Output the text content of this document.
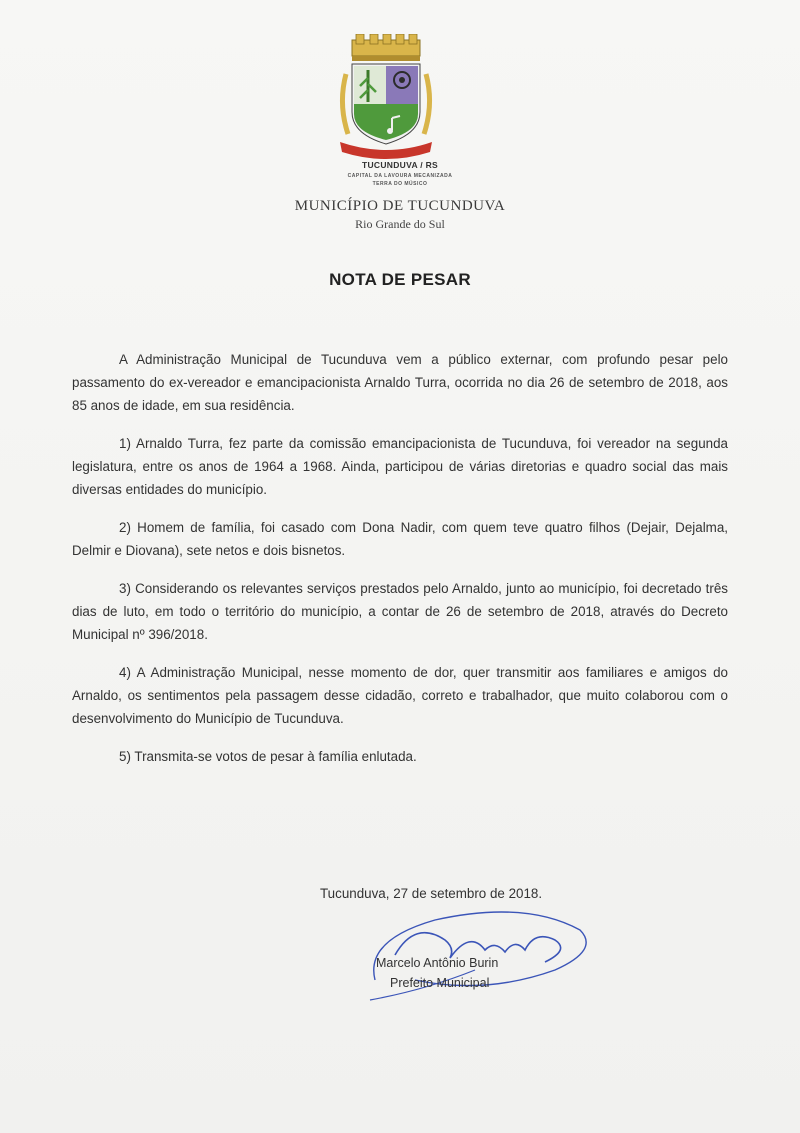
TUCUNDUVA / RS
CAPITAL DA LAVOURA MECANIZADA
TERRA DO MÚSICO
MUNICÍPIO DE TUCUNDUVA
Rio Grande do Sul
NOTA DE PESAR

A Administração Municipal de Tucunduva vem a público externar, com profundo pesar pelo passamento do ex-vereador e emancipacionista Arnaldo Turra, ocorrida no dia 26 de setembro de 2018, aos 85 anos de idade, em sua residência.

1) Arnaldo Turra, fez parte da comissão emancipacionista de Tucunduva, foi vereador na segunda legislatura, entre os anos de 1964 a 1968. Ainda, participou de várias diretorias e quadro social das mais diversas entidades do município.

2) Homem de família, foi casado com Dona Nadir, com quem teve quatro filhos (Dejair, Dejalma, Delmir e Diovana), sete netos e dois bisnetos.

3) Considerando os relevantes serviços prestados pelo Arnaldo, junto ao município, foi decretado três dias de luto, em todo o território do município, a contar de 26 de setembro de 2018, através do Decreto Municipal nº 396/2018.

4) A Administração Municipal, nesse momento de dor, quer transmitir aos familiares e amigos do Arnaldo, os sentimentos pela passagem desse cidadão, correto e trabalhador, que muito colaborou com o desenvolvimento do Município de Tucunduva.

5) Transmita-se votos de pesar à família enlutada.

Tucunduva, 27 de setembro de 2018.
Marcelo Antônio Burin
Prefeito Municipal
